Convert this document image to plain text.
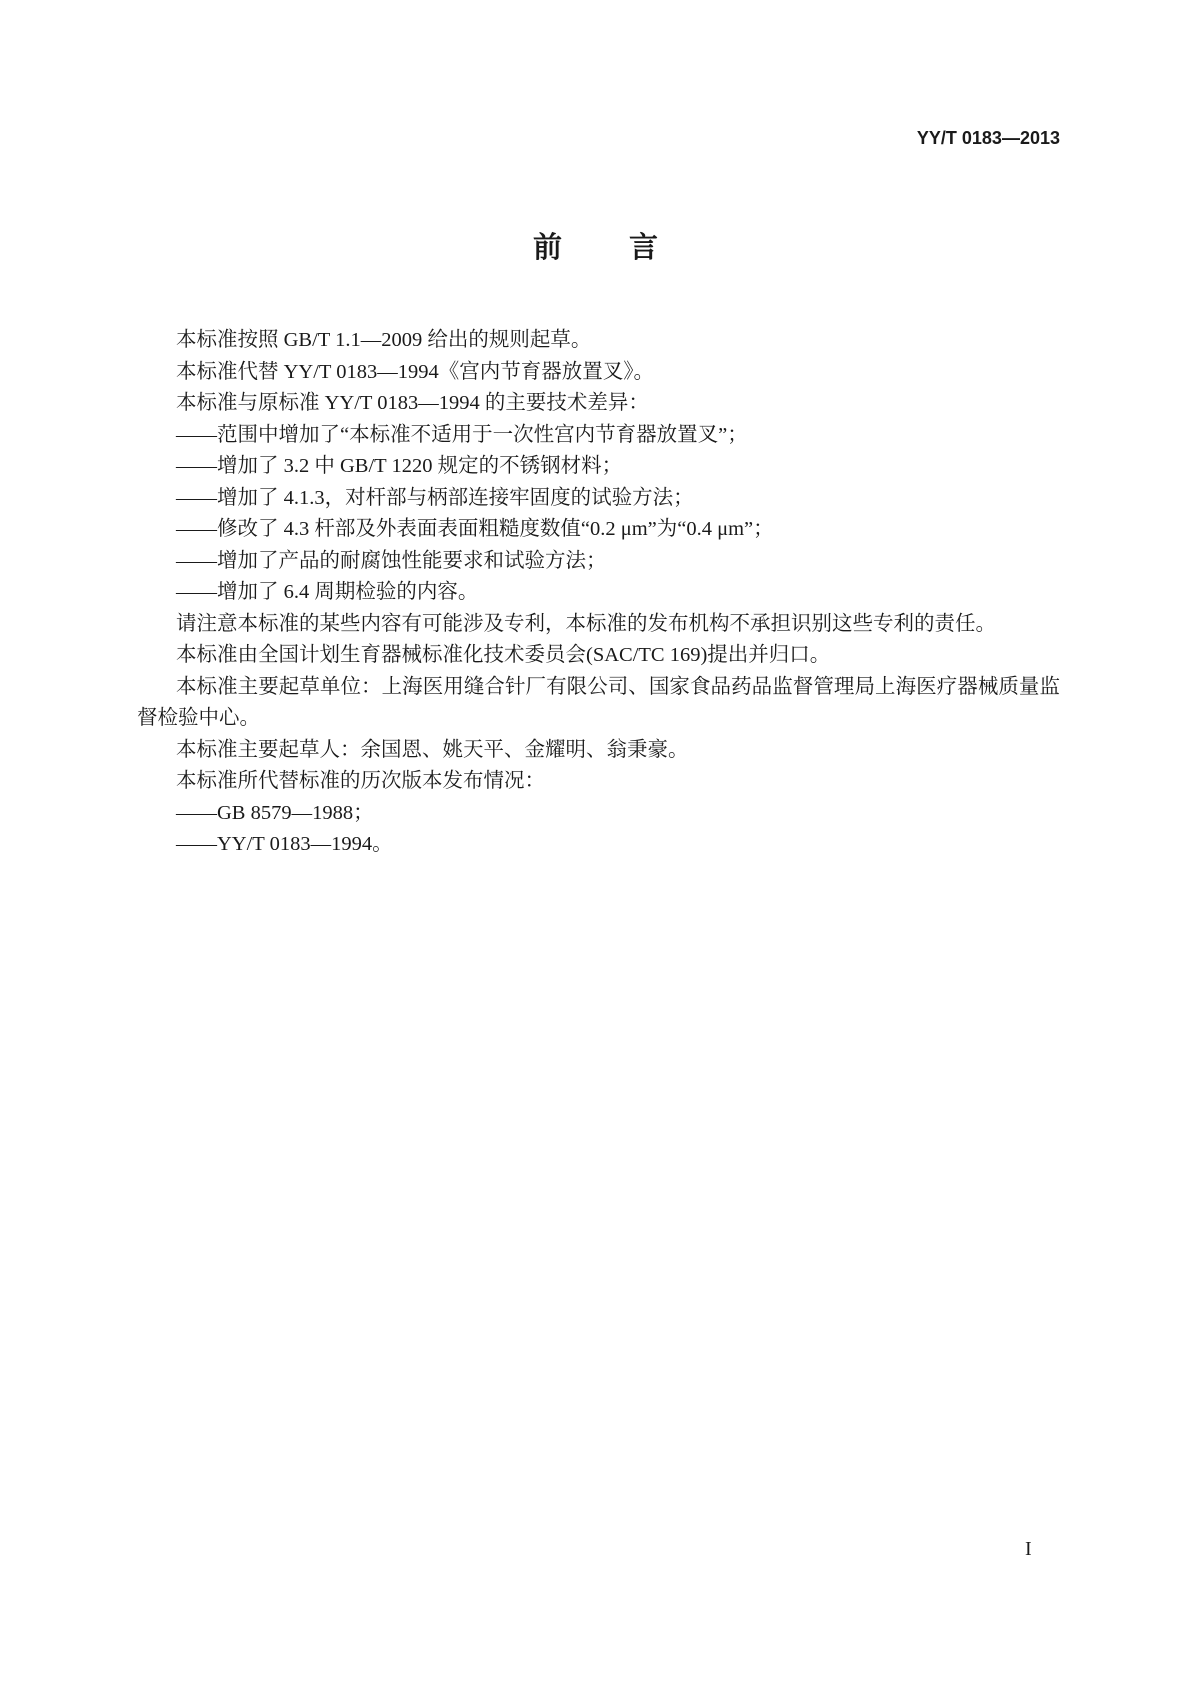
YY/T 0183—2013
前言

本标准按照 GB/T 1.1—2009 给出的规则起草。

本标准代替 YY/T 0183—1994《宫内节育器放置叉》。

本标准与原标准 YY/T 0183—1994 的主要技术差异：

——范围中增加了“本标准不适用于一次性宫内节育器放置叉”；

——增加了 3.2 中 GB/T 1220 规定的不锈钢材料；

——增加了 4.1.3，对杆部与柄部连接牢固度的试验方法；

——修改了 4.3 杆部及外表面表面粗糙度数值“0.2 μm”为“0.4 μm”；

——增加了产品的耐腐蚀性能要求和试验方法；

——增加了 6.4 周期检验的内容。

请注意本标准的某些内容有可能涉及专利，本标准的发布机构不承担识别这些专利的责任。

本标准由全国计划生育器械标准化技术委员会(SAC/TC 169)提出并归口。

本标准主要起草单位：上海医用缝合针厂有限公司、国家食品药品监督管理局上海医疗器械质量监督检验中心。

本标准主要起草人：余国恩、姚天平、金耀明、翁秉豪。

本标准所代替标准的历次版本发布情况：

——GB 8579—1988；

——YY/T 0183—1994。

I
